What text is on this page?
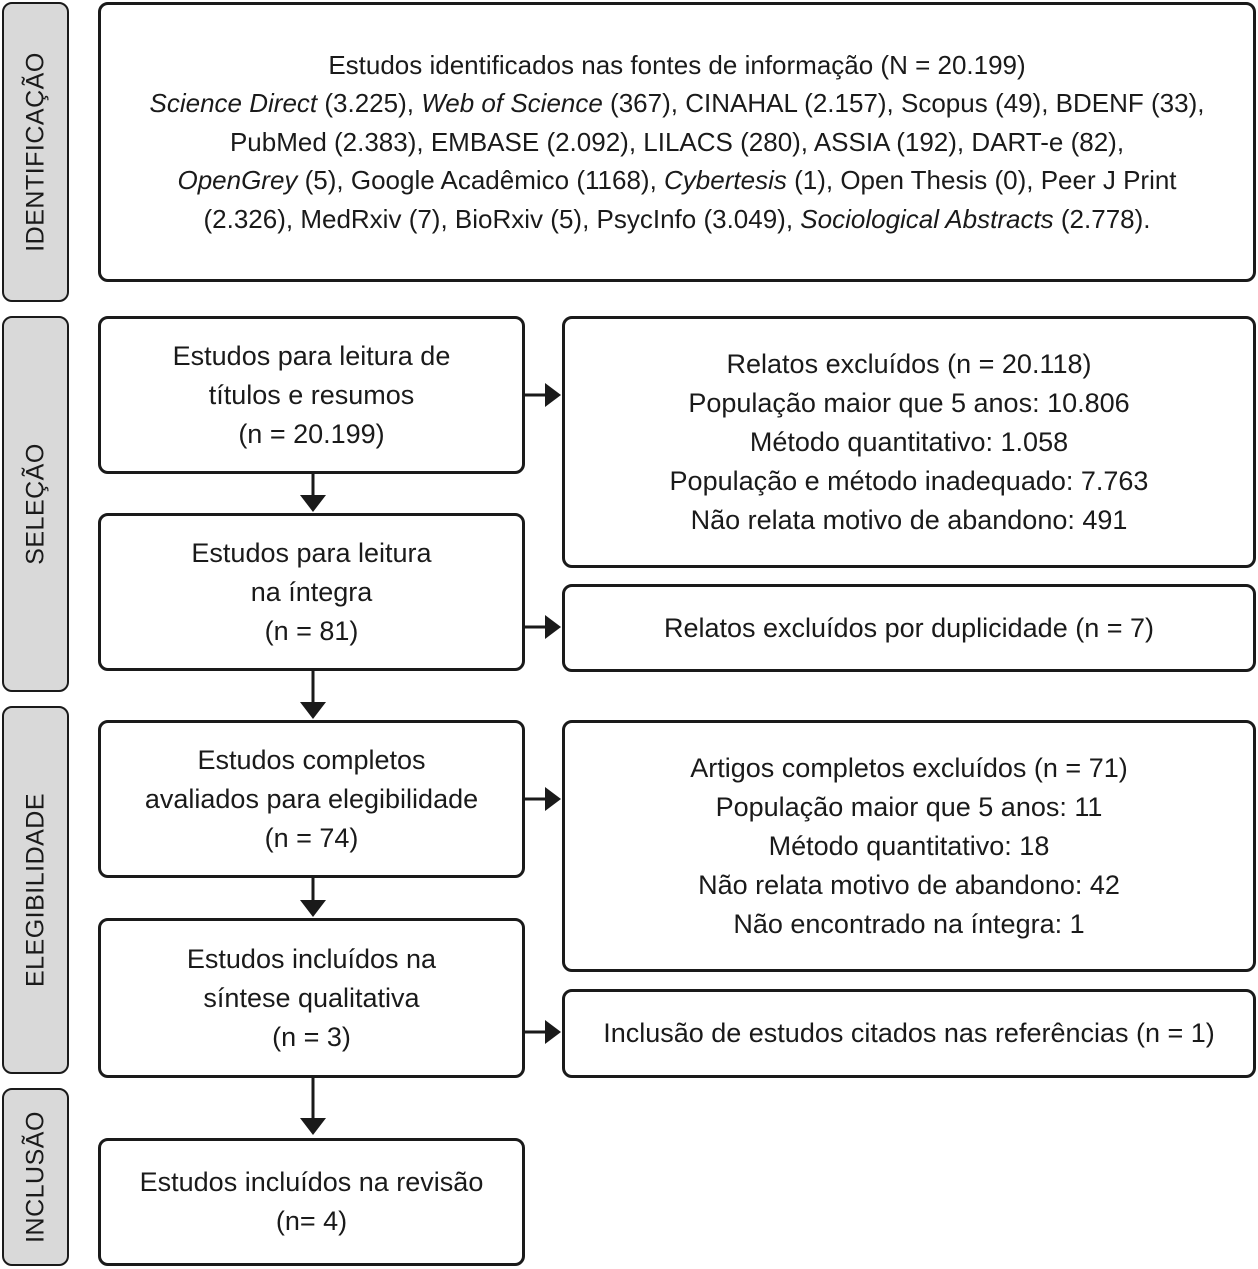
IDENTIFICAÇÃO
SELEÇÃO
ELEGIBILIDADE
INCLUSÃO
Estudos identificados nas fontes de informação (N = 20.199)
Science Direct (3.225), Web of Science (367), CINAHAL (2.157), Scopus (49), BDENF (33),
PubMed (2.383), EMBASE (2.092), LILACS (280), ASSIA (192), DART-e (82),
OpenGrey (5), Google Acadêmico (1168), Cybertesis (1), Open Thesis (0), Peer J Print
(2.326), MedRxiv (7), BioRxiv (5), PsycInfo (3.049), Sociological Abstracts (2.778).
Estudos para leitura de
títulos e resumos
(n = 20.199)
Relatos excluídos (n = 20.118)
População maior que 5 anos: 10.806
Método quantitativo: 1.058
População e método inadequado: 7.763
Não relata motivo de abandono: 491
Estudos para leitura
na íntegra
(n = 81)	Relatos excluídos por duplicidade (n = 7)
Estudos completos
avaliados para elegibilidade
(n = 74)
Artigos completos excluídos (n = 71)
População maior que 5 anos: 11
Método quantitativo: 18
Não relata motivo de abandono: 42
Não encontrado na íntegra: 1
Estudos incluídos na
síntese qualitativa
(n = 3)	Inclusão de estudos citados nas referências (n = 1)
Estudos incluídos na revisão
(n= 4)
